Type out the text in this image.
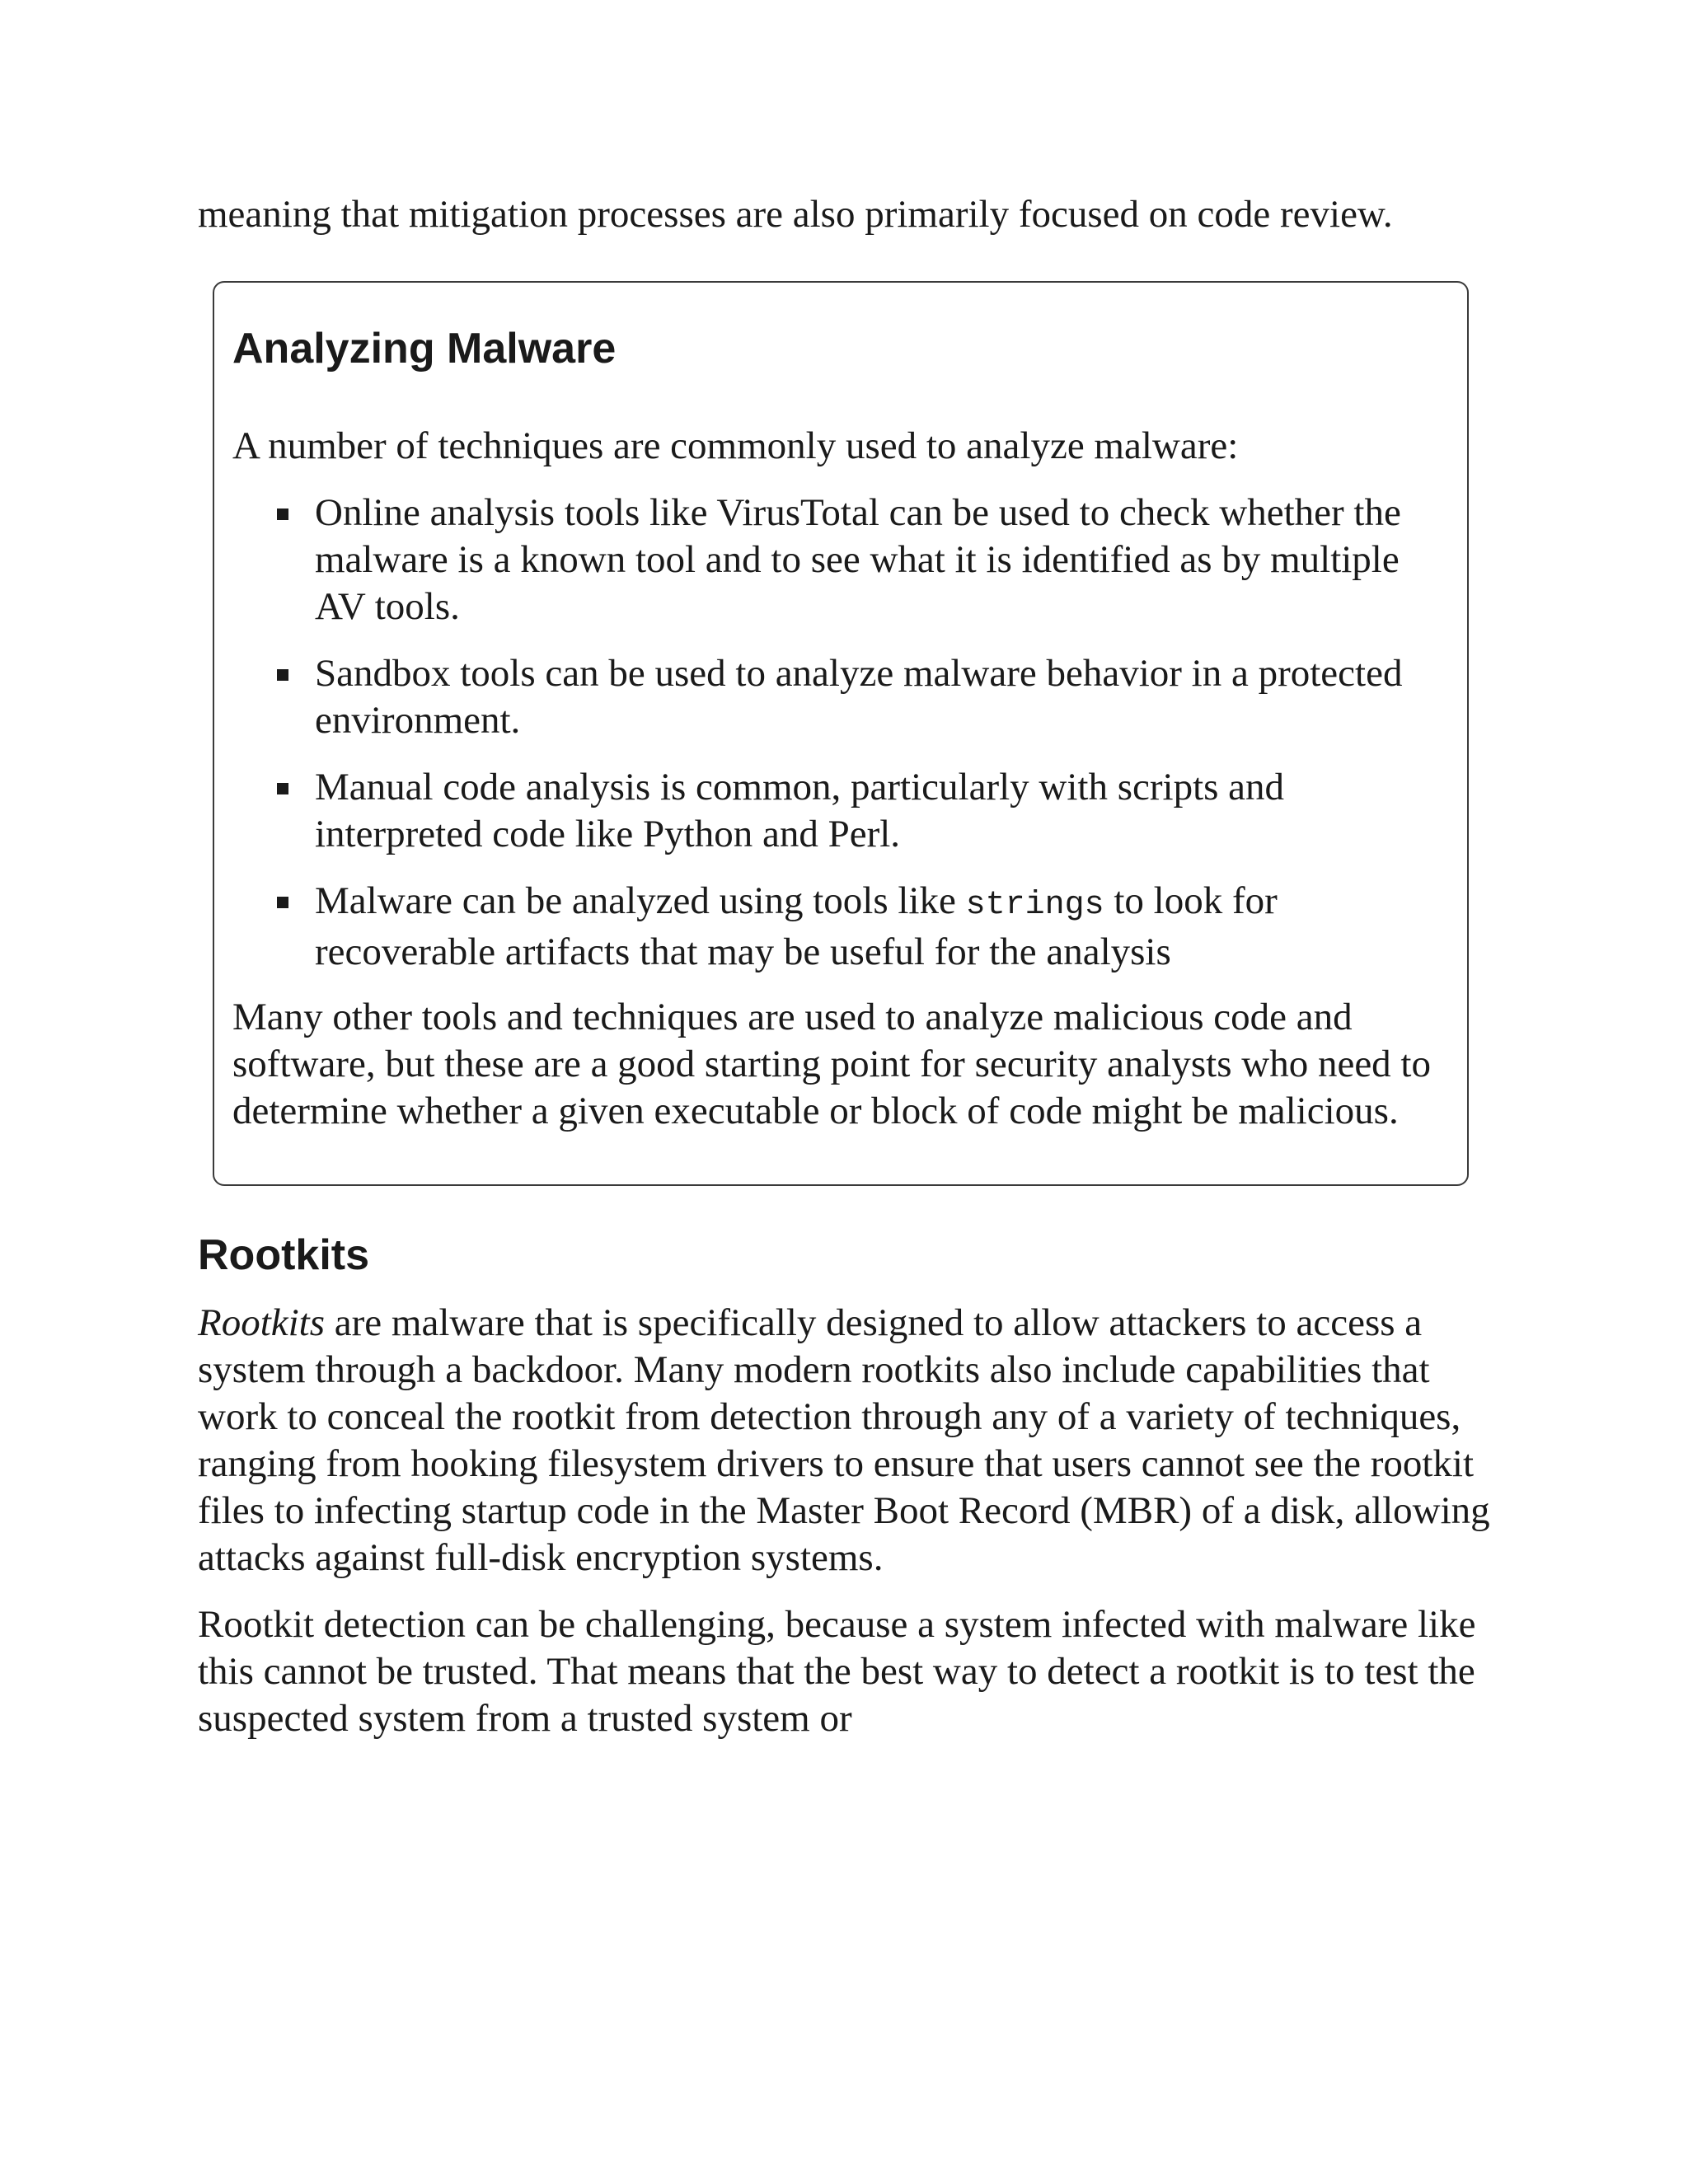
meaning that mitigation processes are also primarily focused on code review.

Analyzing Malware

A number of techniques are commonly used to analyze malware:

Online analysis tools like VirusTotal can be used to check whether the malware is a known tool and to see what it is identified as by multiple AV tools.
Sandbox tools can be used to analyze malware behavior in a protected environment.
Manual code analysis is common, particularly with scripts and interpreted code like Python and Perl.
Malware can be analyzed using tools like strings to look for recoverable artifacts that may be useful for the analysis

Many other tools and techniques are used to analyze malicious code and software, but these are a good starting point for security analysts who need to determine whether a given executable or block of code might be malicious.

Rootkits

Rootkits are malware that is specifically designed to allow attackers to access a system through a backdoor. Many modern rootkits also include capabilities that work to conceal the rootkit from detection through any of a variety of techniques, ranging from hooking filesystem drivers to ensure that users cannot see the rootkit files to infecting startup code in the Master Boot Record (MBR) of a disk, allowing attacks against full-disk encryption systems.

Rootkit detection can be challenging, because a system infected with malware like this cannot be trusted. That means that the best way to detect a rootkit is to test the suspected system from a trusted system or
